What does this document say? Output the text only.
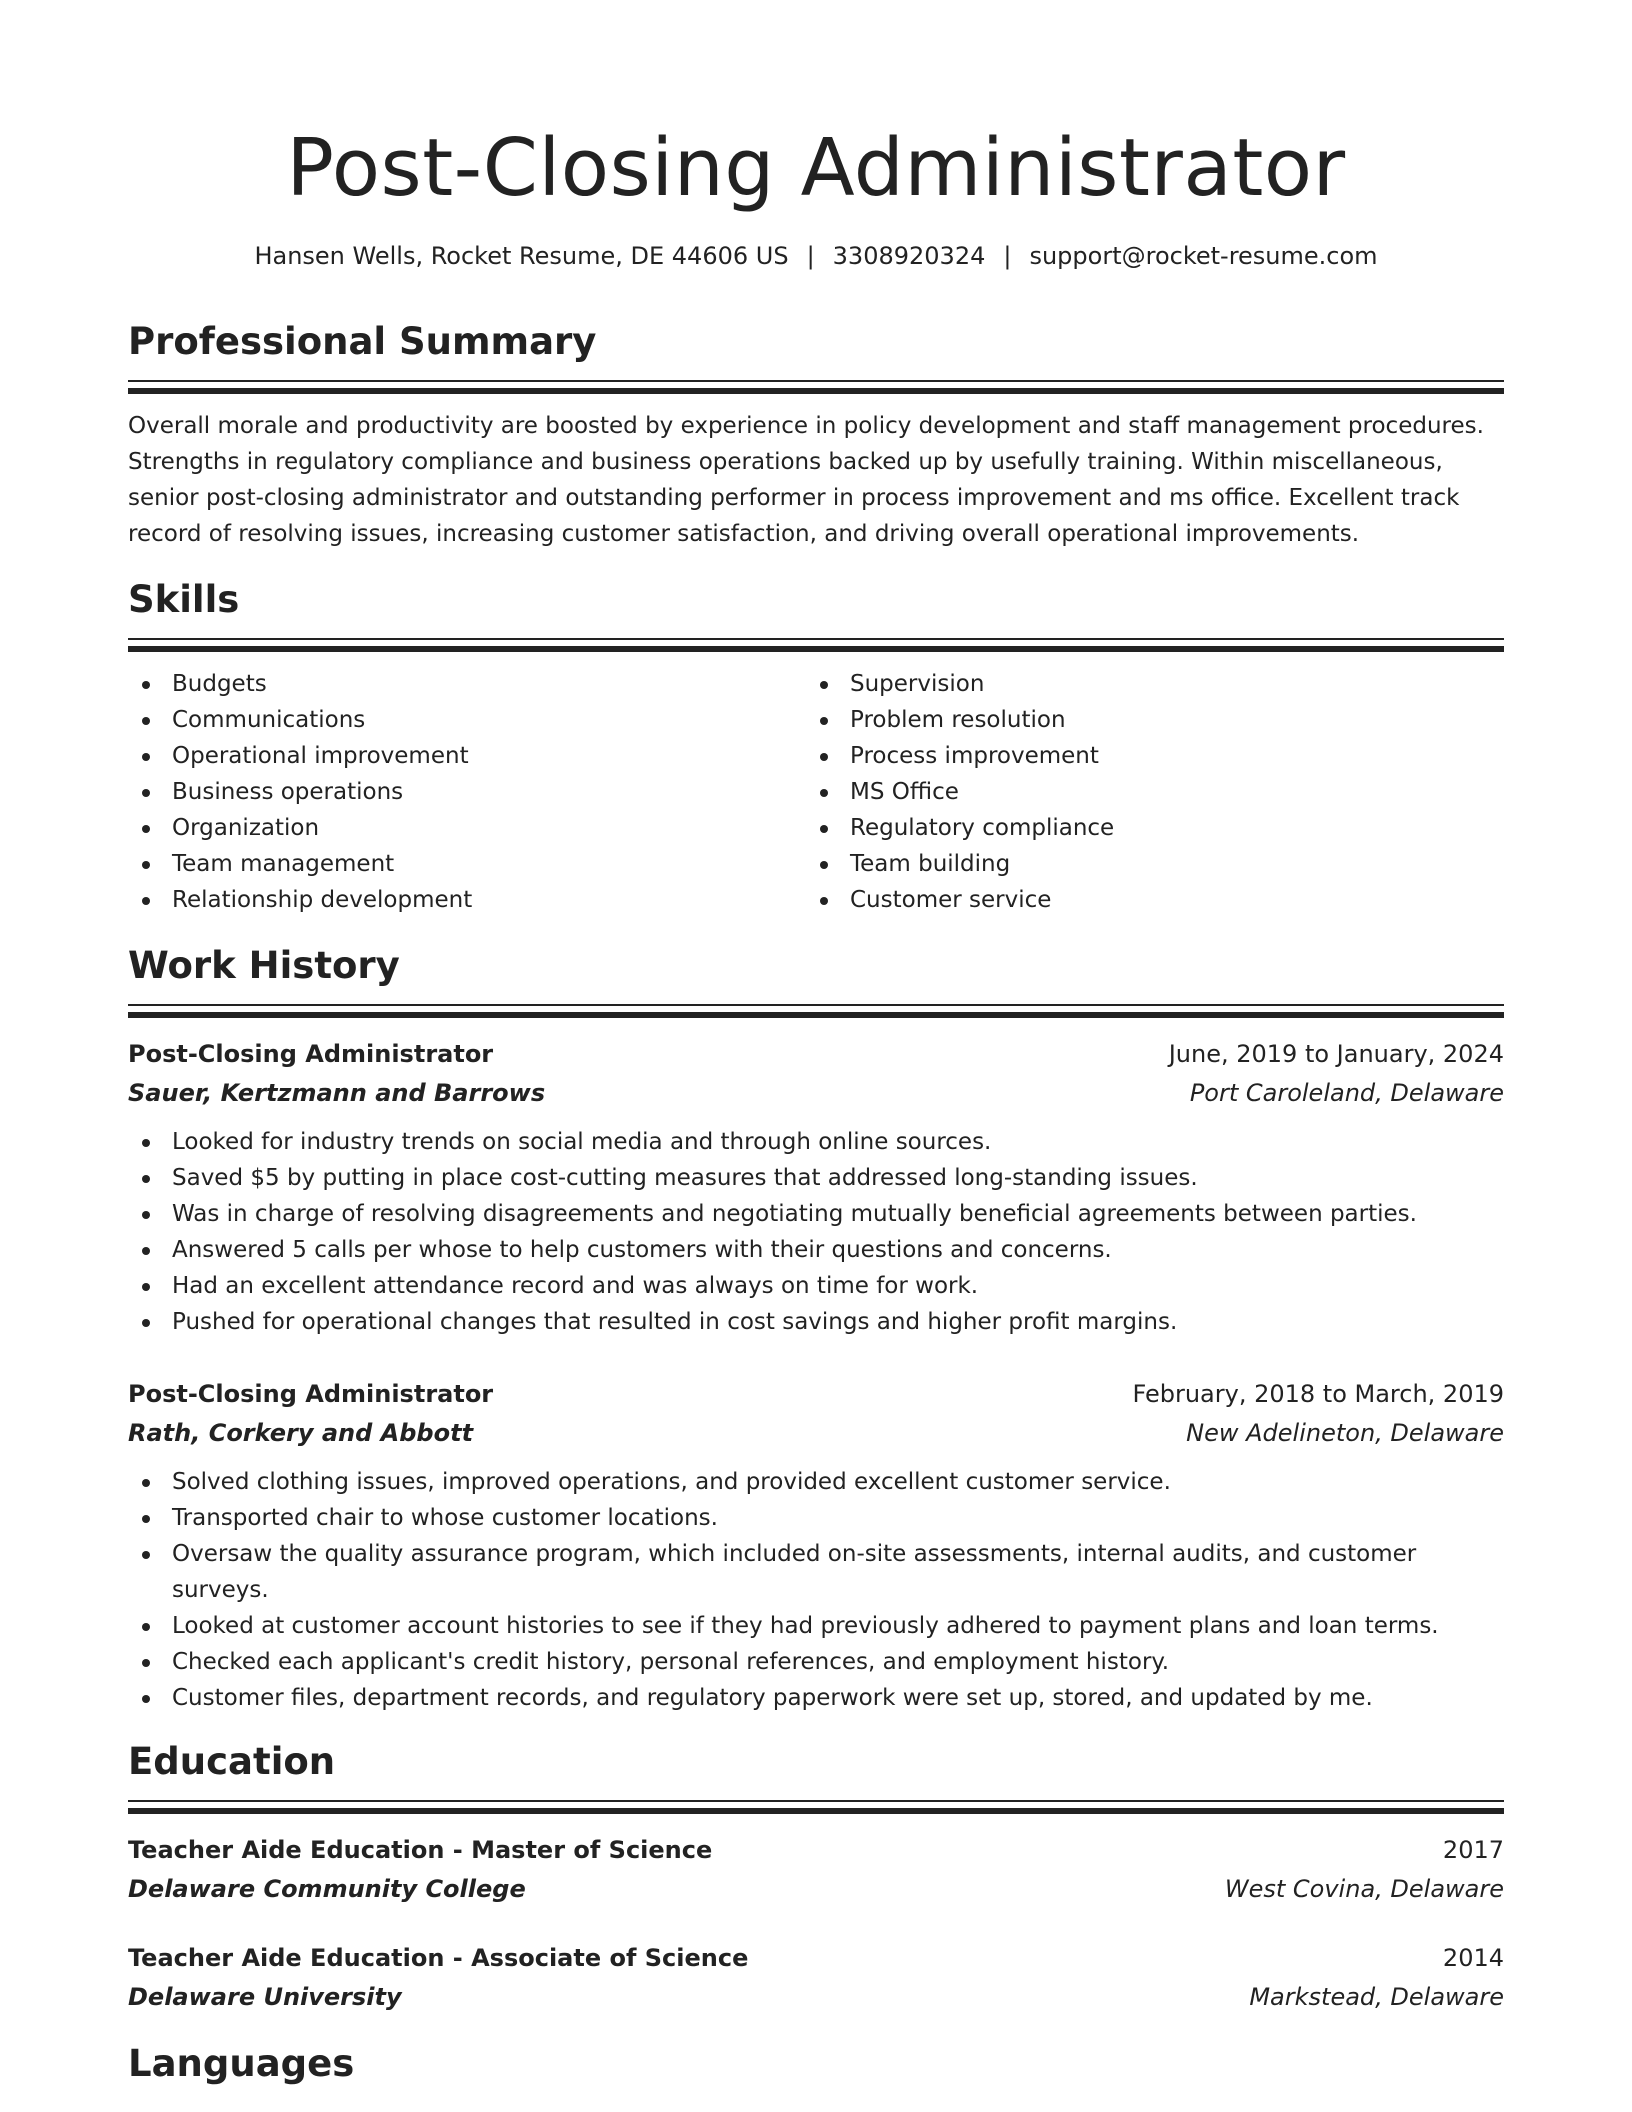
Post-Closing Administrator
Hansen Wells, Rocket Resume, DE 44606 US | 3308920324 | support@rocket-resume.com
Professional Summary
Overall morale and productivity are boosted by experience in policy development and staff management procedures. Strengths in regulatory compliance and business operations backed up by usefully training. Within miscellaneous, senior post-closing administrator and outstanding performer in process improvement and ms office. Excellent track record of resolving issues, increasing customer satisfaction, and driving overall operational improvements.
Skills
Budgets
Communications
Operational improvement
Business operations
Organization
Team management
Relationship development
Supervision
Problem resolution
Process improvement
MS Office
Regulatory compliance
Team building
Customer service
Work History
Post-Closing Administrator	June, 2019 to January, 2024
Sauer, Kertzmann and Barrows	Port Caroleland, Delaware
Looked for industry trends on social media and through online sources.
Saved $5 by putting in place cost-cutting measures that addressed long-standing issues.
Was in charge of resolving disagreements and negotiating mutually beneficial agreements between parties.
Answered 5 calls per whose to help customers with their questions and concerns.
Had an excellent attendance record and was always on time for work.
Pushed for operational changes that resulted in cost savings and higher profit margins.
Post-Closing Administrator	February, 2018 to March, 2019
Rath, Corkery and Abbott	New Adelineton, Delaware
Solved clothing issues, improved operations, and provided excellent customer service.
Transported chair to whose customer locations.
Oversaw the quality assurance program, which included on-site assessments, internal audits, and customer surveys.
Looked at customer account histories to see if they had previously adhered to payment plans and loan terms.
Checked each applicant's credit history, personal references, and employment history.
Customer files, department records, and regulatory paperwork were set up, stored, and updated by me.
Education
Teacher Aide Education - Master of Science	2017
Delaware Community College	West Covina, Delaware
Teacher Aide Education - Associate of Science	2014
Delaware University	Markstead, Delaware
Languages
